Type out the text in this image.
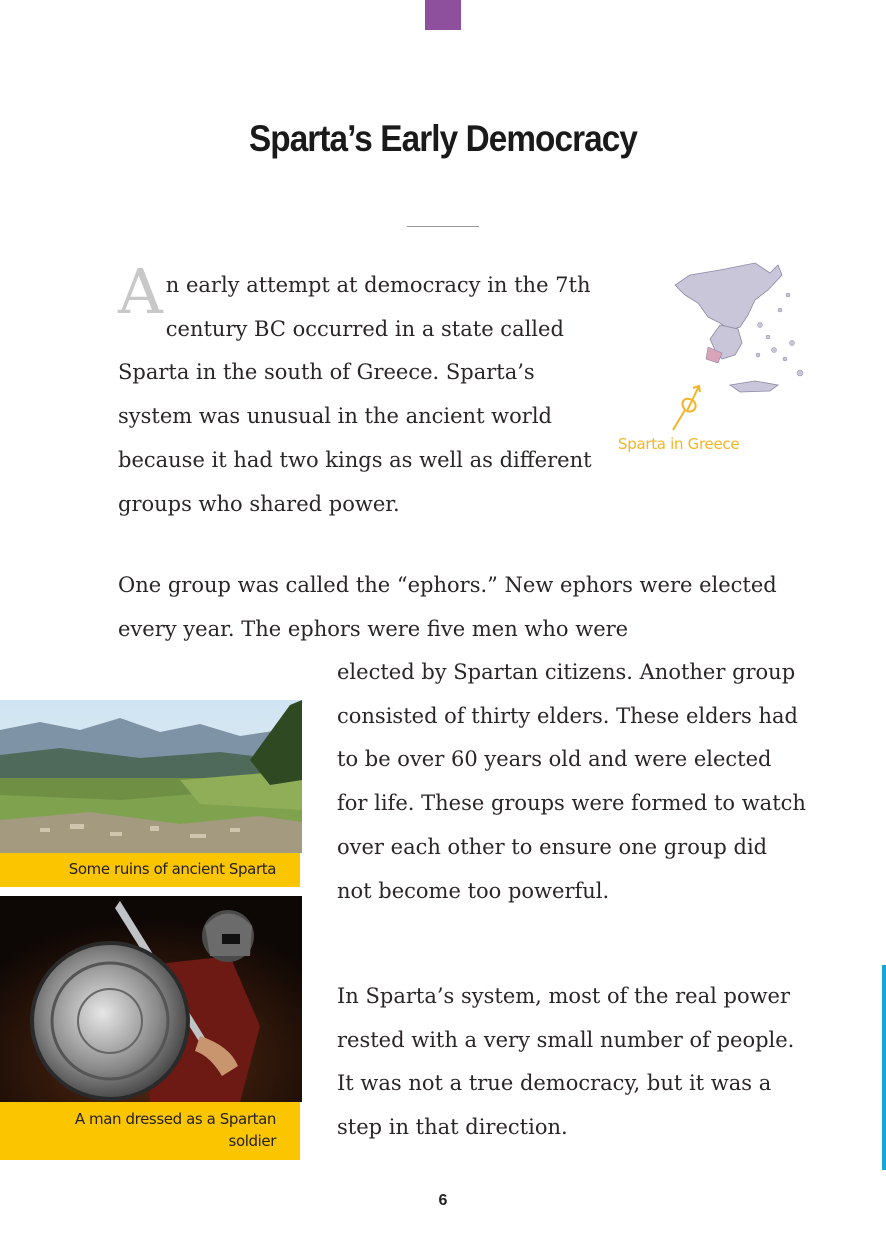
Sparta’s Early Democracy

An early attempt at democracy in the 7th century BC occurred in a state called Sparta in the south of Greece. Sparta’s system was unusual in the ancient world because it had two kings as well as different groups who shared power.

Sparta in Greece

One group was called the “ephors.” New ephors were elected every year. The ephors were five men who were

Some ruins of ancient Sparta
A man dressed as a Spartan soldier

elected by Spartan citizens. Another group consisted of thirty elders. These elders had to be over 60 years old and were elected for life. These groups were formed to watch over each other to ensure one group did not become too powerful.

In Sparta’s system, most of the real power rested with a very small number of people. It was not a true democracy, but it was a step in that direction.

6
